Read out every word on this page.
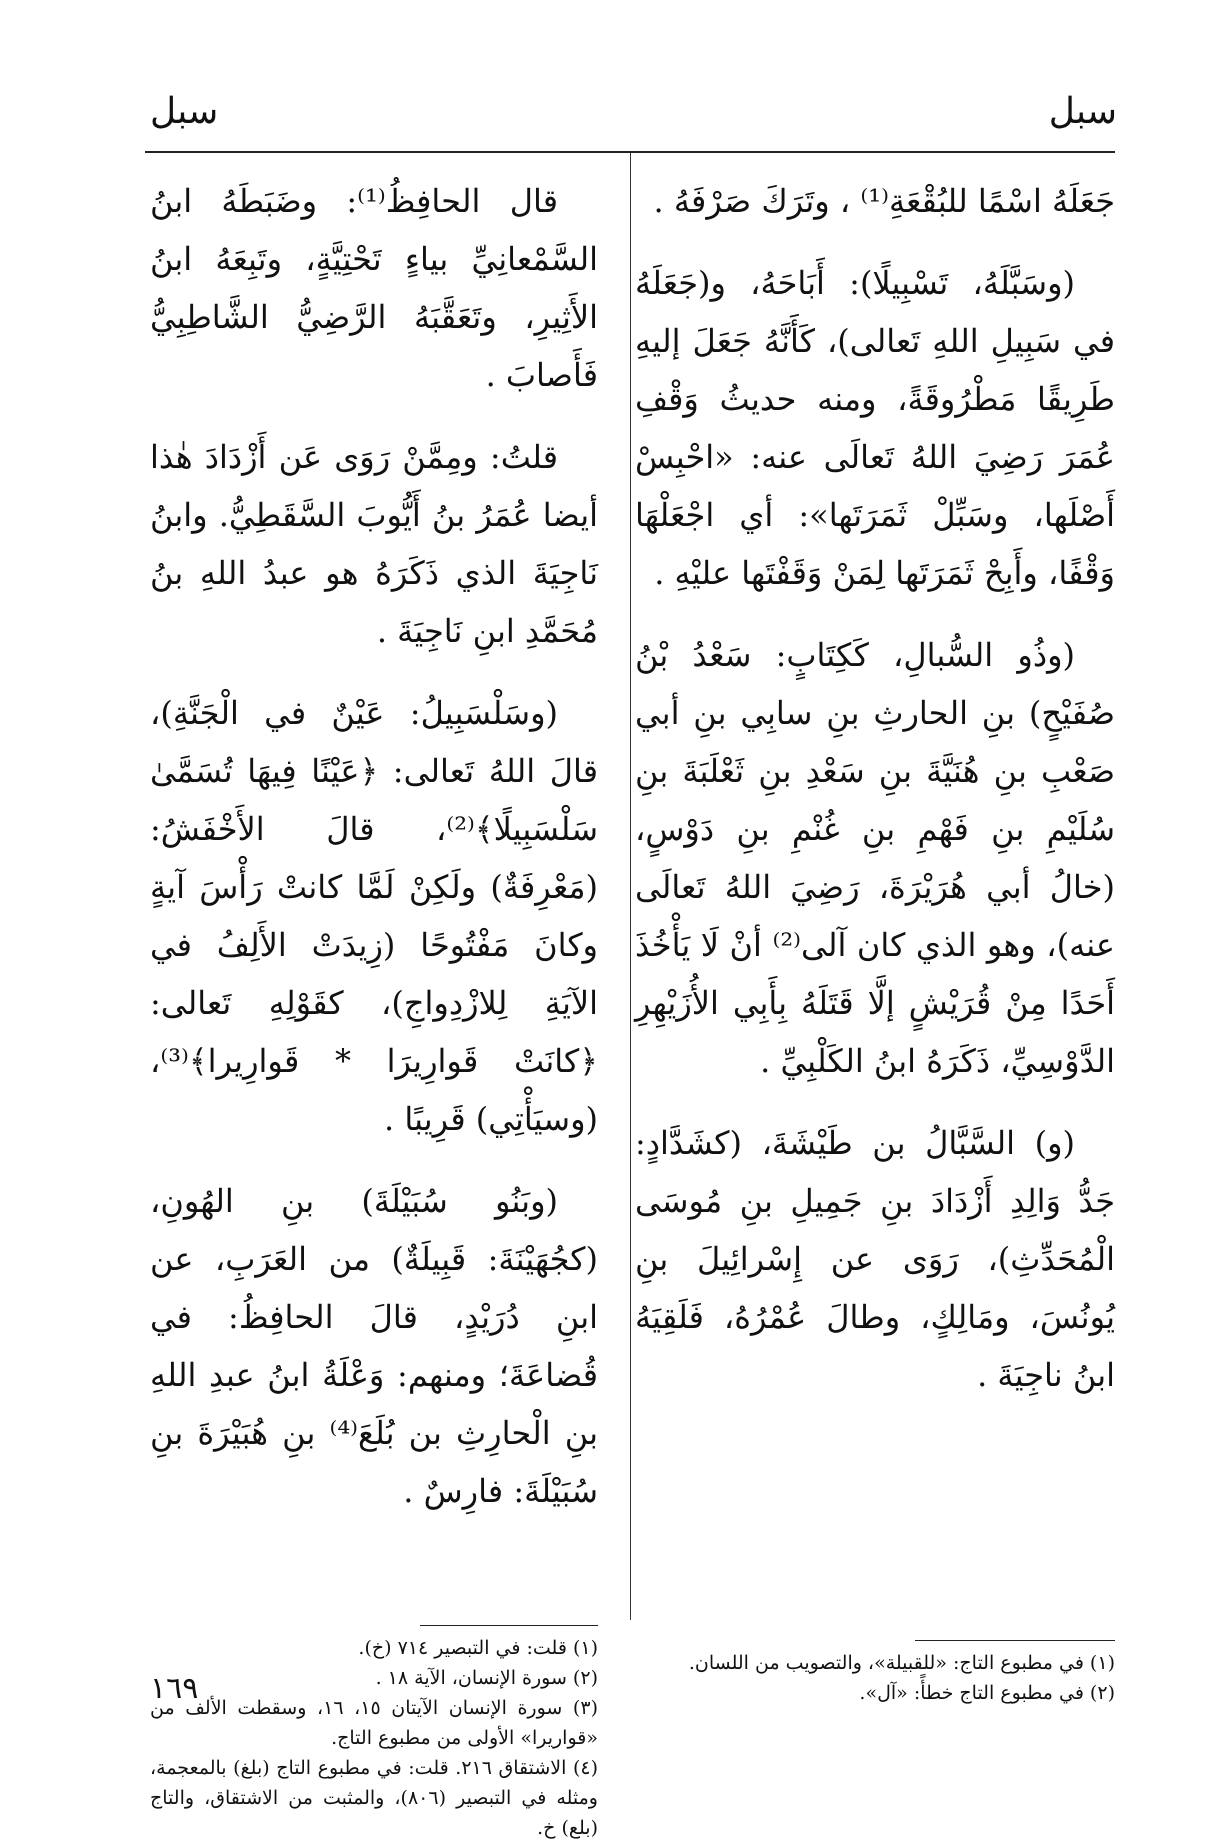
سبل
سبل

جَعَلَهُ اسْمًا للبُقْعَةِ⁽¹⁾ ، وتَرَكَ صَرْفَهُ .

(وسَبَّلَهُ، تَسْبِيلًا): أَبَاحَهُ، و(جَعَلَهُ في سَبِيلِ اللهِ تَعالى)، كَأَنَّهُ جَعَلَ إليهِ طَرِيقًا مَطْرُوقَةً، ومنه حديثُ وَقْفِ عُمَرَ رَضِيَ اللهُ تَعالَى عنه: «احْبِسْ أَصْلَها، وسَبِّلْ ثَمَرَتَها»: أي اجْعَلْهَا وَقْفًا، وأَبِحْ ثَمَرَتَها لِمَنْ وَقَفْتَها عليْهِ .

(وذُو السُّبالِ، كَكِتَابٍ: سَعْدُ بْنُ صُفَيْحٍ) بنِ الحارثِ بنِ سابِي بنِ أبي صَعْبِ بنِ هُنَيَّةَ بنِ سَعْدِ بنِ ثَعْلَبَةَ بنِ سُلَيْمِ بنِ فَهْمِ بنِ غُنْمِ بنِ دَوْسٍ، (خالُ أبي هُرَيْرَةَ، رَضِيَ اللهُ تَعالَى عنه)، وهو الذي كان آلى⁽²⁾ أنْ لَا يَأْخُذَ أَحَدًا مِنْ قُرَيْشٍ إلَّا قَتَلَهُ بِأَبِي الأُزَيْهِرِ الدَّوْسِيِّ، ذَكَرَهُ ابنُ الكَلْبِيِّ .

(و) السَّبَّالُ بن طَيْشَةَ، (كشَدَّادٍ: جَدُّ وَالِدِ أَزْدَادَ بنِ جَمِيلِ بنِ مُوسَى الْمُحَدِّثِ)، رَوَى عن إِسْرائِيلَ بنِ يُونُسَ، ومَالِكٍ، وطالَ عُمْرُهُ، فَلَقِيَهُ ابنُ ناجِيَةَ .

قال الحافِظُ⁽¹⁾: وضَبَطَهُ ابنُ السَّمْعانِيِّ بياءٍ تَحْتِيَّةٍ، وتَبِعَهُ ابنُ الأَثِيرِ، وتَعَقَّبَهُ الرَّضِيُّ الشَّاطِبِيُّ فَأَصابَ .

قلتُ: ومِمَّنْ رَوَى عَن أَزْدَادَ هٰذا أيضا عُمَرُ بنُ أَيُّوبَ السَّقَطِيُّ. وابنُ نَاجِيَةَ الذي ذَكَرَهُ هو عبدُ اللهِ بنُ مُحَمَّدِ ابنِ نَاجِيَةَ .

(وسَلْسَبِيلُ: عَيْنٌ في الْجَنَّةِ)، قالَ اللهُ تَعالى: ﴿عَيْنًا فِيهَا تُسَمَّىٰ سَلْسَبِيلًا﴾⁽²⁾، قالَ الأَخْفَشُ: (مَعْرِفَةٌ) ولَكِنْ لَمَّا كانتْ رَأْسَ آيةٍ وكانَ مَفْتُوحًا (زِيدَتْ الأَلِفُ في الآيَةِ لِلازْدِواجِ)، كقَوْلِهِ تَعالى: ﴿كانَتْ قَوارِيرَا * قَوارِيرا﴾⁽³⁾، (وسيَأْتِي) قَرِيبًا .

(وبَنُو سُبَيْلَةَ) بنِ الهُونِ، (كجُهَيْنَةَ: قَبِيلَةٌ) من العَرَبِ، عن ابنِ دُرَيْدٍ، قالَ الحافِظُ: في قُضاعَةَ؛ ومنهم: وَعْلَةُ ابنُ عبدِ اللهِ بنِ الْحارِثِ بن بُلَعَ⁽⁴⁾ بنِ هُبَيْرَةَ بنِ سُبَيْلَةَ: فارِسٌ .

(١) في مطبوع التاج: «للقبيلة»، والتصويب من اللسان.

(٢) في مطبوع التاج خطأً: «آل».

(١) قلت: في التبصير ٧١٤ (خ).

(٢) سورة الإنسان، الآية ١٨ .

(٣) سورة الإنسان الآيتان ١٥، ١٦، وسقطت الألف من «قواريرا» الأولى من مطبوع التاج.

(٤) الاشتقاق ٢١٦. قلت: في مطبوع التاج (بلغ) بالمعجمة، ومثله في التبصير (٨٠٦)، والمثبت من الاشتقاق، والتاج (بلع) خ.

١٦٩
